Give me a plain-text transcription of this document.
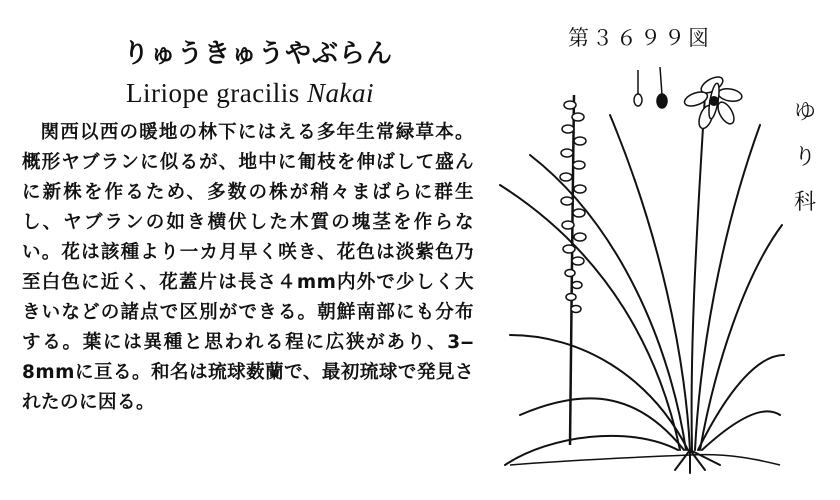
りゅうきゅうやぶらん
Liriope gracilis Nakai
関西以西の暖地の林下にはえる多年生常緑草本。概形ヤブランに似るが、地中に匍枝を伸ばして盛んに新株を作るため、多数の株が稍々まばらに群生し、ヤブランの如き横伏した木質の塊茎を作らない。花は該種より一カ月早く咲き、花色は淡紫色乃至白色に近く、花蓋片は長さ４mm内外で少しく大きいなどの諸点で区別ができる。朝鮮南部にも分布する。葉には異種と思われる程に広狭があり、3‒8mmに亘る。和名は琉球薮蘭で、最初琉球で発見されたのに因る。
第３６９９図
ゆ
り
科
